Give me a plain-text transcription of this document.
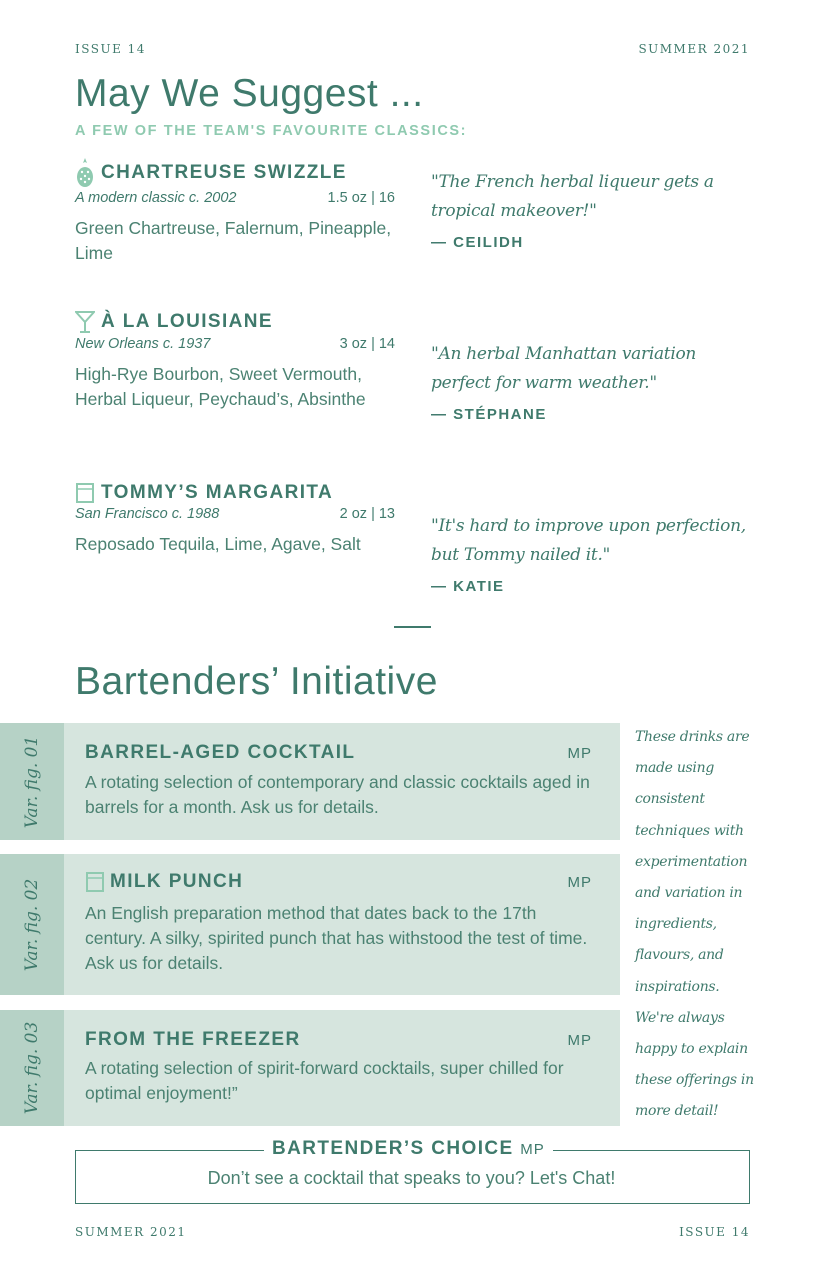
ISSUE 14	SUMMER 2021
May We Suggest ...
A FEW OF THE TEAM'S FAVOURITE CLASSICS:
CHARTREUSE SWIZZLE
A modern classic c. 2002	1.5 oz | 16
Green Chartreuse, Falernum, Pineapple, Lime
"The French herbal liqueur gets a tropical makeover!"
— CEILIDH
À LA LOUISIANE
New Orleans c. 1937	3 oz | 14
High-Rye Bourbon, Sweet Vermouth, Herbal Liqueur, Peychaud’s, Absinthe
"An herbal Manhattan variation perfect for warm weather."
— STÉPHANE
TOMMY’S MARGARITA
San Francisco c. 1988	2 oz | 13
Reposado Tequila, Lime, Agave, Salt
"It's hard to improve upon perfection, but Tommy nailed it."
— KATIE
Bartenders’ Initiative
Var. fig. 01 BARREL-AGED COCKTAIL	MP
A rotating selection of contemporary and classic cocktails aged in barrels for a month. Ask us for details.
Var. fig. 02	MILK PUNCH	MP
An English preparation method that dates back to the 17th century. A silky, spirited punch that has withstood the test of time. Ask us for details.
Var. fig. 03 FROM THE FREEZER	MP
A rotating selection of spirit-forward cocktails, super chilled for optimal enjoyment!”
These drinks are made using consistent techniques with experimentation and variation in ingredients, flavours, and inspirations. We're always happy to explain these offerings in more detail!
BARTENDER’S CHOICE MP
Don’t see a cocktail that speaks to you? Let's Chat!
SUMMER 2021	ISSUE 14
